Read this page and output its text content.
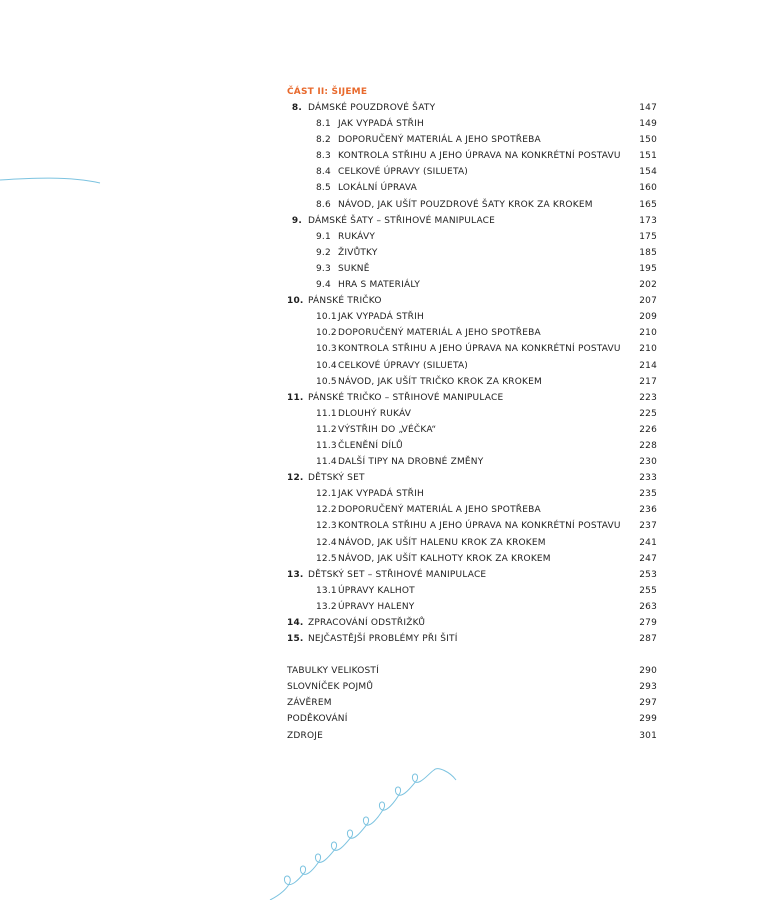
ČÁST II: ŠIJEME
8. DÁMSKÉ POUZDROVÉ ŠATY	147
8.1 JAK VYPADÁ STŘIH	149
8.2 DOPORUČENÝ MATERIÁL A JEHO SPOTŘEBA	150
8.3 KONTROLA STŘIHU A JEHO ÚPRAVA NA KONKRÉTNÍ POSTAVU 151
8.4 CELKOVÉ ÚPRAVY (SILUETA)	154
8.5 LOKÁLNÍ ÚPRAVA	160
8.6 NÁVOD, JAK UŠÍT POUZDROVÉ ŠATY KROK ZA KROKEM	165
9. DÁMSKÉ ŠATY – STŘIHOVÉ MANIPULACE	173
9.1 RUKÁVY	175
9.2 ŽIVŮTKY	185
9.3 SUKNĚ	195
9.4 HRA S MATERIÁLY	202
10. PÁNSKÉ TRIČKO	207
10.1 JAK VYPADÁ STŘIH	209
10.2 DOPORUČENÝ MATERIÁL A JEHO SPOTŘEBA	210
10.3 KONTROLA STŘIHU A JEHO ÚPRAVA NA KONKRÉTNÍ POSTAVU 210
10.4 CELKOVÉ ÚPRAVY (SILUETA)	214
10.5 NÁVOD, JAK UŠÍT TRIČKO KROK ZA KROKEM	217
11. PÁNSKÉ TRIČKO – STŘIHOVÉ MANIPULACE	223
11.1 DLOUHÝ RUKÁV	225
11.2 VÝSTŘIH DO „VÉČKA“	226
11.3 ČLENĚNÍ DÍLŮ	228
11.4 DALŠÍ TIPY NA DROBNÉ ZMĚNY	230
12. DĚTSKÝ SET	233
12.1 JAK VYPADÁ STŘIH	235
12.2 DOPORUČENÝ MATERIÁL A JEHO SPOTŘEBA	236
12.3 KONTROLA STŘIHU A JEHO ÚPRAVA NA KONKRÉTNÍ POSTAVU 237
12.4 NÁVOD, JAK UŠÍT HALENU KROK ZA KROKEM	241
12.5 NÁVOD, JAK UŠÍT KALHOTY KROK ZA KROKEM	247
13. DĚTSKÝ SET – STŘIHOVÉ MANIPULACE	253
13.1 ÚPRAVY KALHOT	255
13.2 ÚPRAVY HALENY	263
14. ZPRACOVÁNÍ ODSTŘIŽKŮ	279
15. NEJČASTĚJŠÍ PROBLÉMY PŘI ŠITÍ	287
TABULKY VELIKOSTÍ	290
SLOVNÍČEK POJMŮ	293
ZÁVĚREM	297
PODĚKOVÁNÍ	299
ZDROJE	301
